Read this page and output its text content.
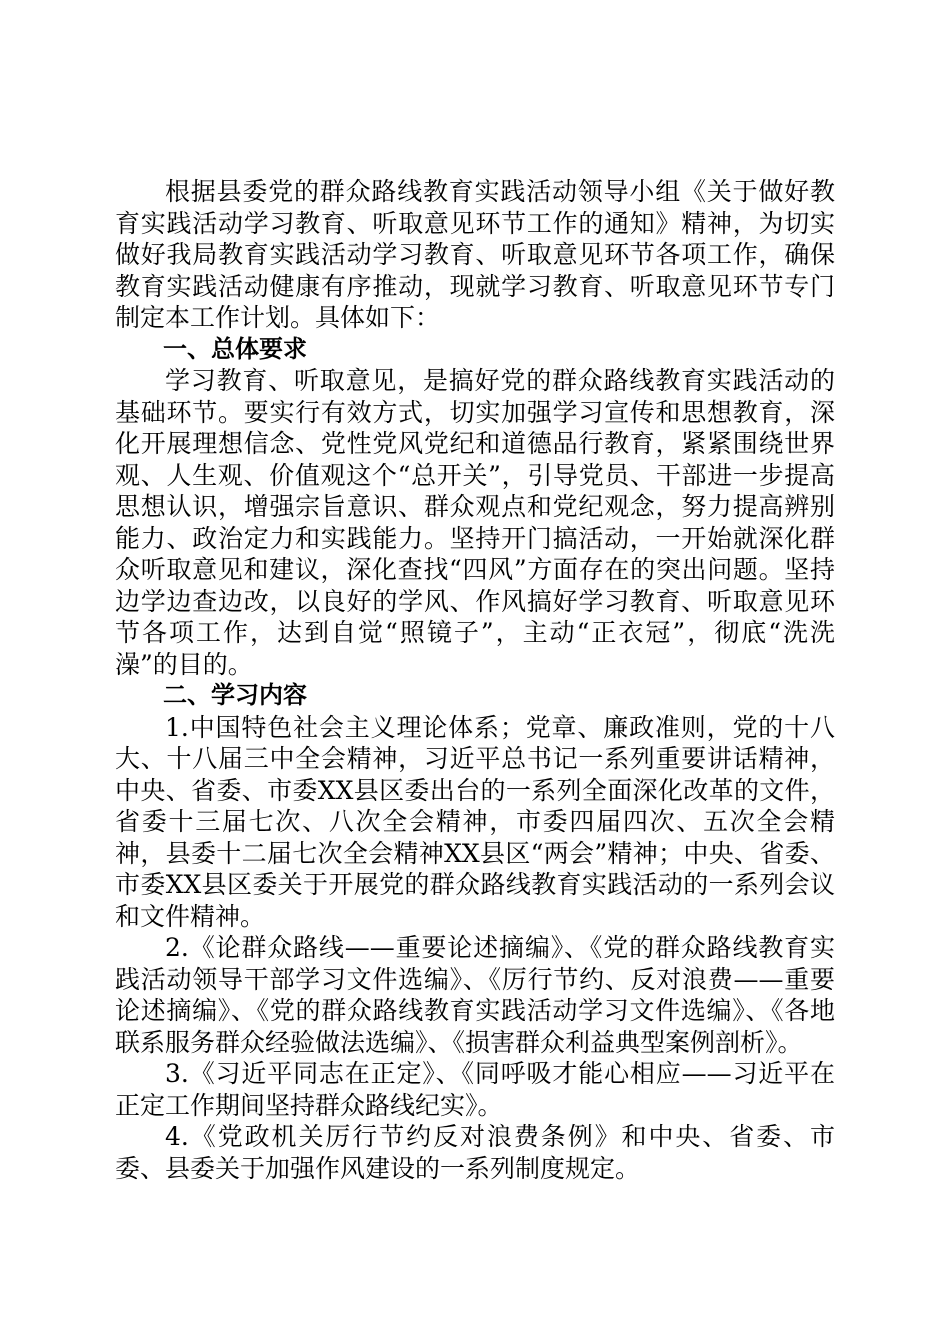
根据县委党的群众路线教育实践活动领导小组《关于做好教育实践活动学习教育、听取意见环节工作的通知》精神，为切实做好我局教育实践活动学习教育、听取意见环节各项工作，确保教育实践活动健康有序推动，现就学习教育、听取意见环节专门制定本工作计划。具体如下：

一、总体要求

学习教育、听取意见，是搞好党的群众路线教育实践活动的基础环节。要实行有效方式，切实加强学习宣传和思想教育，深化开展理想信念、党性党风党纪和道德品行教育，紧紧围绕世界观、人生观、价值观这个“总开关”，引导党员、干部进一步提高思想认识，增强宗旨意识、群众观点和党纪观念，努力提高辨别能力、政治定力和实践能力。坚持开门搞活动，一开始就深化群众听取意见和建议，深化查找“四风”方面存在的突出问题。坚持边学边查边改，以良好的学风、作风搞好学习教育、听取意见环节各项工作，达到自觉“照镜子”，主动“正衣冠”，彻底“洗洗澡”的目的。

二、学习内容

1.中国特色社会主义理论体系；党章、廉政准则，党的十八大、十八届三中全会精神，习近平总书记一系列重要讲话精神，中央、省委、市委XX县区委出台的一系列全面深化改革的文件，省委十三届七次、八次全会精神，市委四届四次、五次全会精神，县委十二届七次全会精神XX县区“两会”精神；中央、省委、市委XX县区委关于开展党的群众路线教育实践活动的一系列会议和文件精神。

2.《论群众路线——重要论述摘编》、《党的群众路线教育实践活动领导干部学习文件选编》、《厉行节约、反对浪费——重要论述摘编》、《党的群众路线教育实践活动学习文件选编》、《各地联系服务群众经验做法选编》、《损害群众利益典型案例剖析》。

3.《习近平同志在正定》、《同呼吸才能心相应——习近平在正定工作期间坚持群众路线纪实》。

4.《党政机关厉行节约反对浪费条例》和中央、省委、市委、县委关于加强作风建设的一系列制度规定。
